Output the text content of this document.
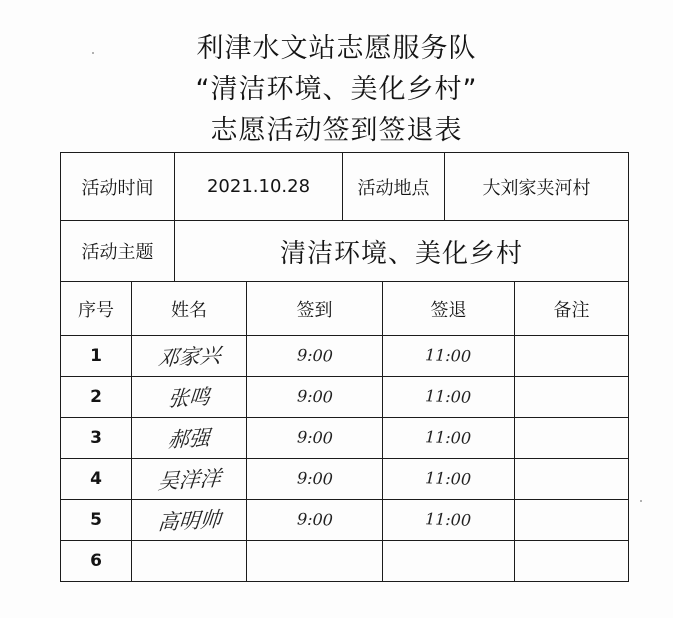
利津水文站志愿服务队
“清洁环境、美化乡村”
志愿活动签到签退表
活动时间		2021.10.28		活动地点		大刘家夹河村	
活动主题		清洁环境、美化乡村					
序号	姓名		签到		签退		备注
1	邓家兴		9:00		11:00		
2	张鸣		9:00		11:00		
3	郝强		9:00		11:00		
4	吴洋洋		9:00		11:00		
5	高明帅		9:00		11:00		
6							
